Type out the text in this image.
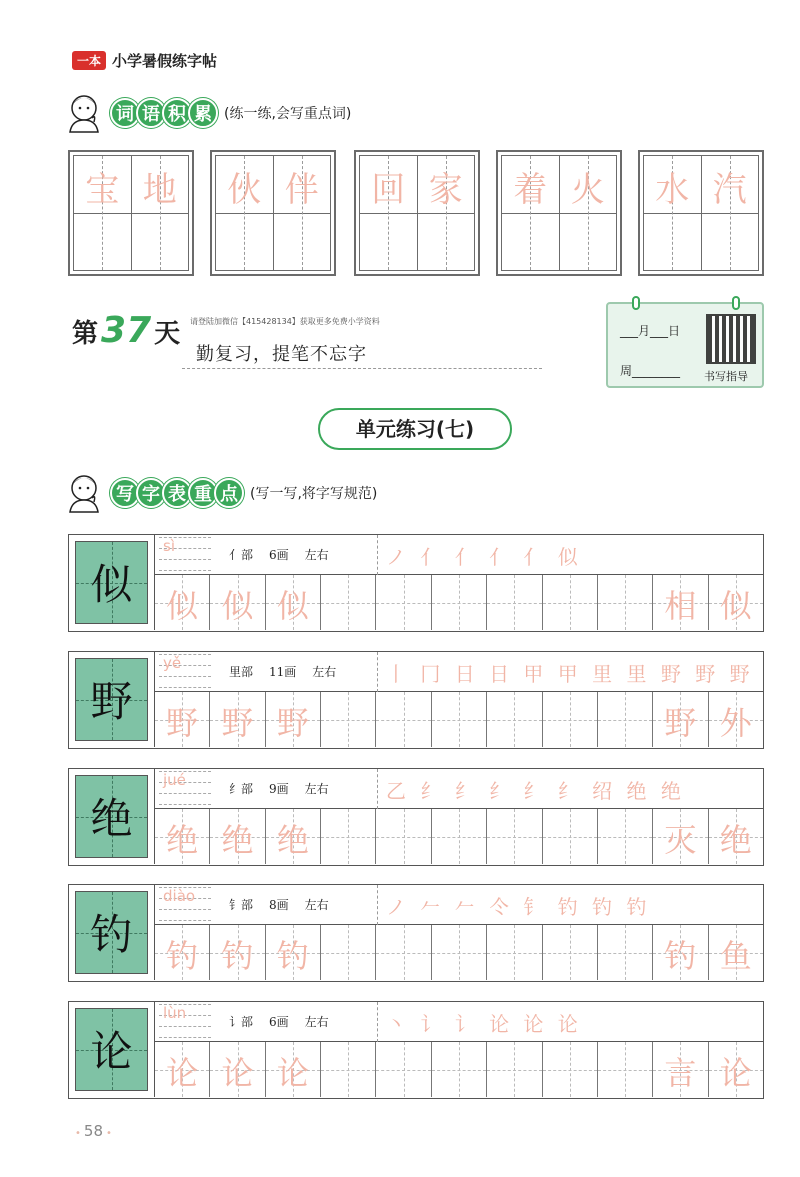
一本 小学暑假练字帖
词 语 积 累 (练一练,会写重点词)
宝 地	伙 伴	回 家	着 火	水 汽
第 37 天 请登陆加微信【415428134】获取更多免费小学资料
勤复习，提笔不忘字
___月___日
周________ 书写指导
单元练习(七)
写 字 表 重 点 (写一写,将字写规范)
似
sì	亻部 6画 左右	ノ 亻 亻 亻 亻 似
似 似 似	相 似
野
yě	里部 11画 左右	丨 冂 日 日 甲 甲 里 里 野 野 野
野 野 野	野 外
绝
jué	纟部 9画 左右	乙 纟 纟 纟 纟 纟 绍 绝 绝
绝 绝 绝	灭 绝
钓
diào	钅部 8画 左右	ノ 𠂉 𠂉 仒 钅 钓 钓 钓
钓 钓 钓	钓 鱼
论
lùn	讠部 6画 左右	丶 讠 讠 论 论 论
论 论 论	言 论
• 58 •
